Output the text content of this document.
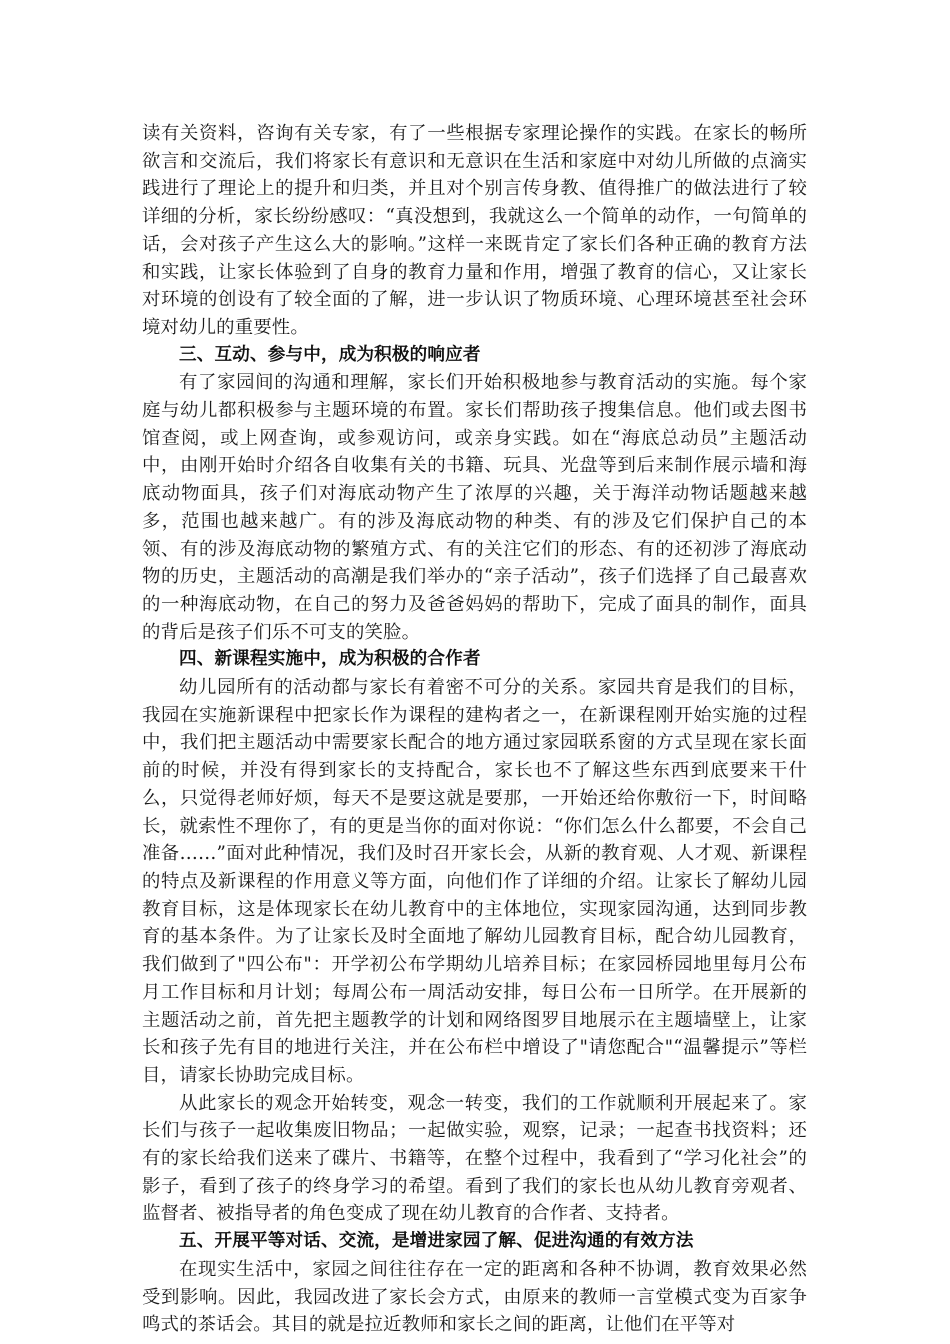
读有关资料，咨询有关专家，有了一些根据专家理论操作的实践。在家长的畅所欲言和交流后，我们将家长有意识和无意识在生活和家庭中对幼儿所做的点滴实践进行了理论上的提升和归类，并且对个别言传身教、值得推广的做法进行了较详细的分析，家长纷纷感叹：“真没想到，我就这么一个简单的动作，一句简单的话，会对孩子产生这么大的影响。”这样一来既肯定了家长们各种正确的教育方法和实践，让家长体验到了自身的教育力量和作用，增强了教育的信心，又让家长对环境的创设有了较全面的了解，进一步认识了物质环境、心理环境甚至社会环境对幼儿的重要性。

三、互动、参与中，成为积极的响应者

有了家园间的沟通和理解，家长们开始积极地参与教育活动的实施。每个家庭与幼儿都积极参与主题环境的布置。家长们帮助孩子搜集信息。他们或去图书馆查阅，或上网查询，或参观访问，或亲身实践。如在“海底总动员”主题活动中，由刚开始时介绍各自收集有关的书籍、玩具、光盘等到后来制作展示墙和海底动物面具，孩子们对海底动物产生了浓厚的兴趣，关于海洋动物话题越来越多，范围也越来越广。有的涉及海底动物的种类、有的涉及它们保护自己的本领、有的涉及海底动物的繁殖方式、有的关注它们的形态、有的还初涉了海底动物的历史，主题活动的高潮是我们举办的“亲子活动”，孩子们选择了自己最喜欢的一种海底动物，在自己的努力及爸爸妈妈的帮助下，完成了面具的制作，面具的背后是孩子们乐不可支的笑脸。

四、新课程实施中，成为积极的合作者

幼儿园所有的活动都与家长有着密不可分的关系。家园共育是我们的目标，我园在实施新课程中把家长作为课程的建构者之一，在新课程刚开始实施的过程中，我们把主题活动中需要家长配合的地方通过家园联系窗的方式呈现在家长面前的时候，并没有得到家长的支持配合，家长也不了解这些东西到底要来干什么，只觉得老师好烦，每天不是要这就是要那，一开始还给你敷衍一下，时间略长，就索性不理你了，有的更是当你的面对你说：“你们怎么什么都要，不会自己准备……”面对此种情况，我们及时召开家长会，从新的教育观、人才观、新课程的特点及新课程的作用意义等方面，向他们作了详细的介绍。让家长了解幼儿园教育目标，这是体现家长在幼儿教育中的主体地位，实现家园沟通，达到同步教育的基本条件。为了让家长及时全面地了解幼儿园教育目标，配合幼儿园教育，我们做到了"四公布"：开学初公布学期幼儿培养目标；在家园桥园地里每月公布月工作目标和月计划；每周公布一周活动安排，每日公布一日所学。在开展新的主题活动之前，首先把主题教学的计划和网络图罗目地展示在主题墙壁上，让家长和孩子先有目的地进行关注，并在公布栏中增设了"请您配合"“温馨提示”等栏目，请家长协助完成目标。

从此家长的观念开始转变，观念一转变，我们的工作就顺利开展起来了。家长们与孩子一起收集废旧物品；一起做实验，观察，记录；一起查书找资料；还有的家长给我们送来了碟片、书籍等，在整个过程中，我看到了“学习化社会”的影子，看到了孩子的终身学习的希望。看到了我们的家长也从幼儿教育旁观者、监督者、被指导者的角色变成了现在幼儿教育的合作者、支持者。

五、开展平等对话、交流，是增进家园了解、促进沟通的有效方法

在现实生活中，家园之间往往存在一定的距离和各种不协调，教育效果必然受到影响。因此，我园改进了家长会方式，由原来的教师一言堂模式变为百家争鸣式的茶话会。其目的就是拉近教师和家长之间的距离，让他们在平等对
